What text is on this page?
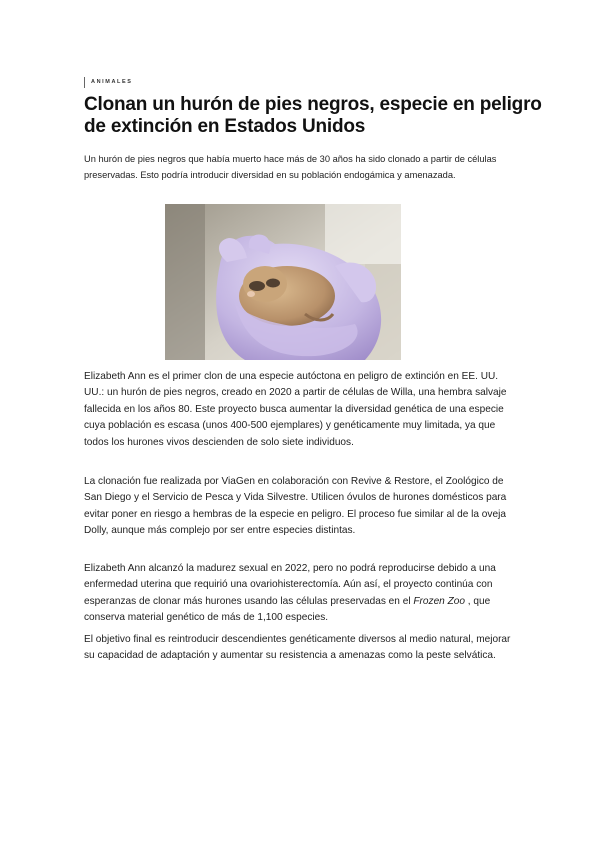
ANIMALES
Clonan un hurón de pies negros, especie en peligro de extinción en Estados Unidos

Un hurón de pies negros que había muerto hace más de 30 años ha sido clonado a partir de células preservadas. Esto podría introducir diversidad en su población endogámica y amenazada.

Elizabeth Ann es el primer clon de una especie autóctona en peligro de extinción en EE. UU. UU.: un hurón de pies negros, creado en 2020 a partir de células de Willa, una hembra salvaje fallecida en los años 80. Este proyecto busca aumentar la diversidad genética de una especie cuya población es escasa (unos 400-500 ejemplares) y genéticamente muy limitada, ya que todos los hurones vivos descienden de solo siete individuos.

La clonación fue realizada por ViaGen en colaboración con Revive & Restore, el Zoológico de San Diego y el Servicio de Pesca y Vida Silvestre. Utilicen óvulos de hurones domésticos para evitar poner en riesgo a hembras de la especie en peligro. El proceso fue similar al de la oveja Dolly, aunque más complejo por ser entre especies distintas.

Elizabeth Ann alcanzó la madurez sexual en 2022, pero no podrá reproducirse debido a una enfermedad uterina que requirió una ovariohisterectomía. Aún así, el proyecto continúa con esperanzas de clonar más hurones usando las células preservadas en el Frozen Zoo , que conserva material genético de más de 1,100 especies.

El objetivo final es reintroducir descendientes genéticamente diversos al medio natural, mejorar su capacidad de adaptación y aumentar su resistencia a amenazas como la peste selvática.
